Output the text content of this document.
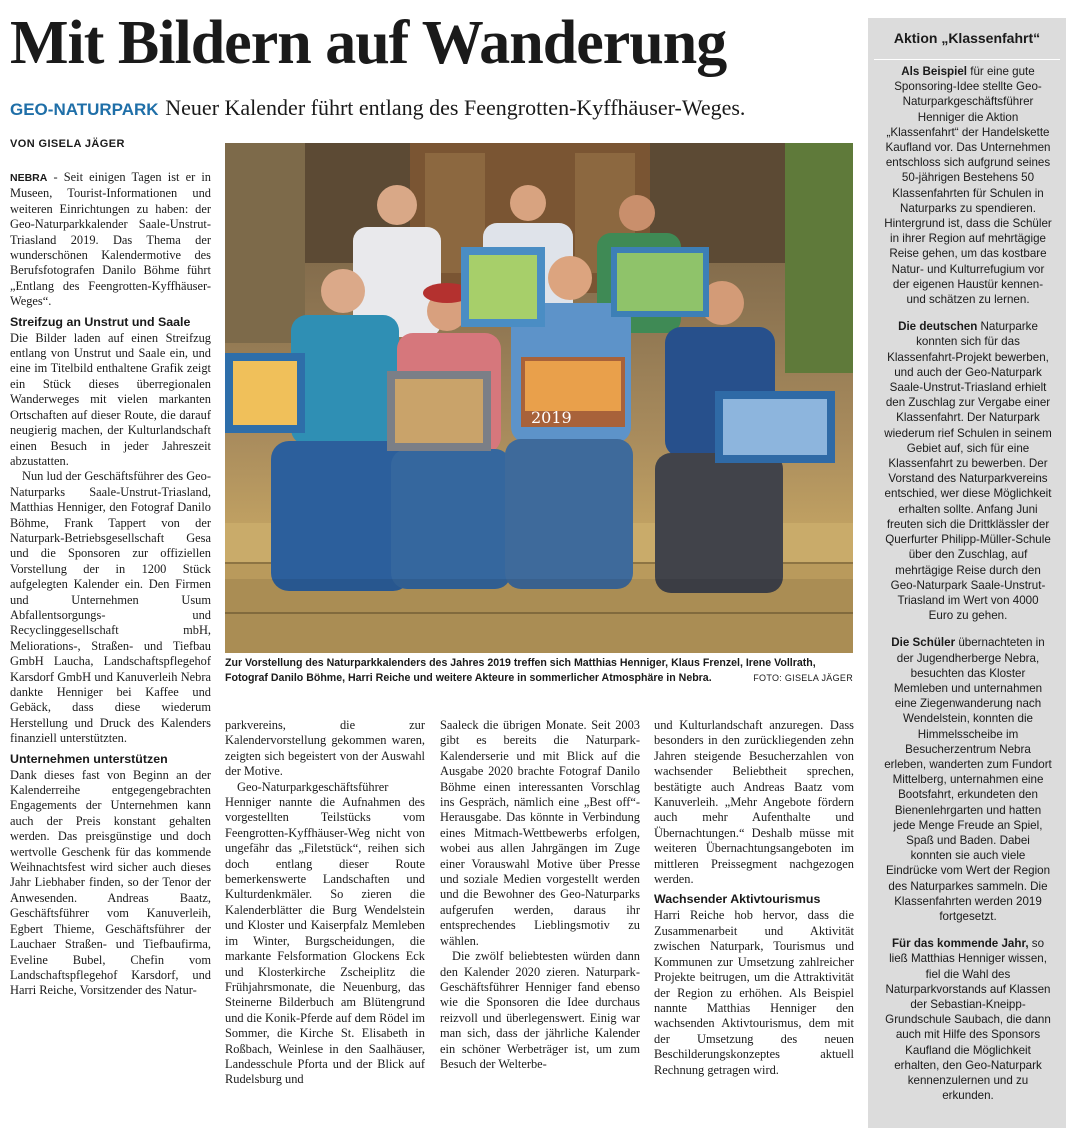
Mit Bildern auf Wanderung
GEO-NATURPARK Neuer Kalender führt entlang des Feengrotten-Kyffhäuser-Weges.
VON GISELA JÄGER

NEBRA - Seit einigen Tagen ist er in Museen, Tourist-Informationen und weiteren Einrichtungen zu haben: der Geo-Naturparkkalender Saale-Unstrut-Triasland 2019. Das Thema der wunderschönen Kalendermotive des Berufsfotografen Danilo Böhme führt „Entlang des Feengrotten-Kyffhäuser-Weges“.

Streifzug an Unstrut und Saale

Die Bilder laden auf einen Streifzug entlang von Unstrut und Saale ein, und eine im Titelbild enthaltene Grafik zeigt ein Stück dieses überregionalen Wanderweges mit vielen markanten Ortschaften auf dieser Route, die darauf neugierig machen, der Kulturlandschaft einen Besuch in jeder Jahreszeit abzustatten.

Nun lud der Geschäftsführer des Geo-Naturparks Saale-Unstrut-Triasland, Matthias Henniger, den Fotograf Danilo Böhme, Frank Tappert von der Naturpark-Betriebsgesellschaft Gesa und die Sponsoren zur offiziellen Vorstellung der in 1200 Stück aufgelegten Kalender ein. Den Firmen und Unternehmen Usum Abfallentsorgungs- und Recyclinggesellschaft mbH, Meliorations-, Straßen- und Tiefbau GmbH Laucha, Landschaftspflegehof Karsdorf GmbH und Kanuverleih Nebra dankte Henniger bei Kaffee und Gebäck, dass diese wiederum Herstellung und Druck des Kalenders finanziell unterstützten.

Unternehmen unterstützen

Dank dieses fast von Beginn an der Kalenderreihe entgegengebrachten Engagements der Unternehmen kann auch der Preis konstant gehalten werden. Das preisgünstige und doch wertvolle Geschenk für das kommende Weihnachtsfest wird sicher auch dieses Jahr Liebhaber finden, so der Tenor der Anwesenden. Andreas Baatz, Geschäftsführer vom Kanuverleih, Egbert Thieme, Geschäftsführer der Lauchaer Straßen- und Tiefbaufirma, Eveline Bubel, Chefin vom Landschaftspflegehof Karsdorf, und Harri Reiche, Vorsitzender des Natur-

2019
Zur Vorstellung des Naturparkkalenders des Jahres 2019 treffen sich Matthias Henniger, Klaus Frenzel, Irene Vollrath, Fotograf Danilo Böhme, Harri Reiche und weitere Akteure in sommerlicher Atmosphäre in Nebra.	FOTO: GISELA JÄGER

parkvereins, die zur Kalendervorstellung gekommen waren, zeigten sich begeistert von der Auswahl der Motive.

Geo-Naturparkgeschäftsführer Henniger nannte die Aufnahmen des vorgestellten Teilstücks vom Feengrotten-Kyffhäuser-Weg nicht von ungefähr das „Filetstück“, reihen sich doch entlang dieser Route bemerkenswerte Landschaften und Kulturdenkmäler. So zieren die Kalenderblätter die Burg Wendelstein und Kloster und Kaiserpfalz Memleben im Winter, Burgscheidungen, die markante Felsformation Glockens Eck und Klosterkirche Zscheiplitz die Frühjahrsmonate, die Neuenburg, das Steinerne Bilderbuch am Blütengrund und die Konik-Pferde auf dem Rödel im Sommer, die Kirche St. Elisabeth in Roßbach, Weinlese in den Saalhäuser, Landesschule Pforta und der Blick auf Rudelsburg und

Saaleck die übrigen Monate. Seit 2003 gibt es bereits die Naturpark-Kalenderserie und mit Blick auf die Ausgabe 2020 brachte Fotograf Danilo Böhme einen interessanten Vorschlag ins Gespräch, nämlich eine „Best off“-Herausgabe. Das könnte in Verbindung eines Mitmach-Wettbewerbs erfolgen, wobei aus allen Jahrgängen im Zuge einer Vorauswahl Motive über Presse und soziale Medien vorgestellt werden und die Bewohner des Geo-Naturparks aufgerufen werden, daraus ihr entsprechendes Lieblingsmotiv zu wählen.

Die zwölf beliebtesten würden dann den Kalender 2020 zieren. Naturpark-Geschäftsführer Henniger fand ebenso wie die Sponsoren die Idee durchaus reizvoll und überlegenswert. Einig war man sich, dass der jährliche Kalender ein schöner Werbeträger ist, um zum Besuch der Welterbe-

und Kulturlandschaft anzuregen. Dass besonders in den zurückliegenden zehn Jahren steigende Besucherzahlen von wachsender Beliebtheit sprechen, bestätigte auch Andreas Baatz vom Kanuverleih. „Mehr Angebote fördern auch mehr Aufenthalte und Übernachtungen.“ Deshalb müsse mit weiteren Übernachtungsangeboten im mittleren Preissegment nachgezogen werden.

Wachsender Aktivtourismus

Harri Reiche hob hervor, dass die Zusammenarbeit und Aktivität zwischen Naturpark, Tourismus und Kommunen zur Umsetzung zahlreicher Projekte beitrugen, um die Attraktivität der Region zu erhöhen. Als Beispiel nannte Matthias Henniger den wachsenden Aktivtourismus, dem mit der Umsetzung des neuen Beschilderungskonzeptes aktuell Rechnung getragen wird.

Aktion „Klassenfahrt“

Als Beispiel für eine gute Sponsoring-Idee stellte Geo-Naturparkgeschäftsführer Henniger die Aktion „Klassenfahrt“ der Handelskette Kaufland vor. Das Unternehmen entschloss sich aufgrund seines 50-jährigen Bestehens 50 Klassenfahrten für Schulen in Naturparks zu spendieren. Hintergrund ist, dass die Schüler in ihrer Region auf mehrtägige Reise gehen, um das kostbare Natur- und Kulturrefugium vor der eigenen Haustür kennen- und schätzen zu lernen.

Die deutschen Naturparke konnten sich für das Klassenfahrt-Projekt bewerben, und auch der Geo-Naturpark Saale-Unstrut-Triasland erhielt den Zuschlag zur Vergabe einer Klassenfahrt. Der Naturpark wiederum rief Schulen in seinem Gebiet auf, sich für eine Klassenfahrt zu bewerben. Der Vorstand des Naturparkvereins entschied, wer diese Möglichkeit erhalten sollte. Anfang Juni freuten sich die Drittklässler der Querfurter Philipp-Müller-Schule über den Zuschlag, auf mehrtägige Reise durch den Geo-Naturpark Saale-Unstrut-Triasland im Wert von 4000 Euro zu gehen.

Die Schüler übernachteten in der Jugendherberge Nebra, besuchten das Kloster Memleben und unternahmen eine Ziegenwanderung nach Wendelstein, konnten die Himmelsscheibe im Besucherzentrum Nebra erleben, wanderten zum Fundort Mittelberg, unternahmen eine Bootsfahrt, erkundeten den Bienenlehrgarten und hatten jede Menge Freude an Spiel, Spaß und Baden. Dabei konnten sie auch viele Eindrücke vom Wert der Region des Naturparkes sammeln. Die Klassenfahrten werden 2019 fortgesetzt.

Für das kommende Jahr, so ließ Matthias Henniger wissen, fiel die Wahl des Naturparkvorstands auf Klassen der Sebastian-Kneipp-Grundschule Saubach, die dann auch mit Hilfe des Sponsors Kaufland die Möglichkeit erhalten, den Geo-Naturpark kennenzulernen und zu erkunden.
